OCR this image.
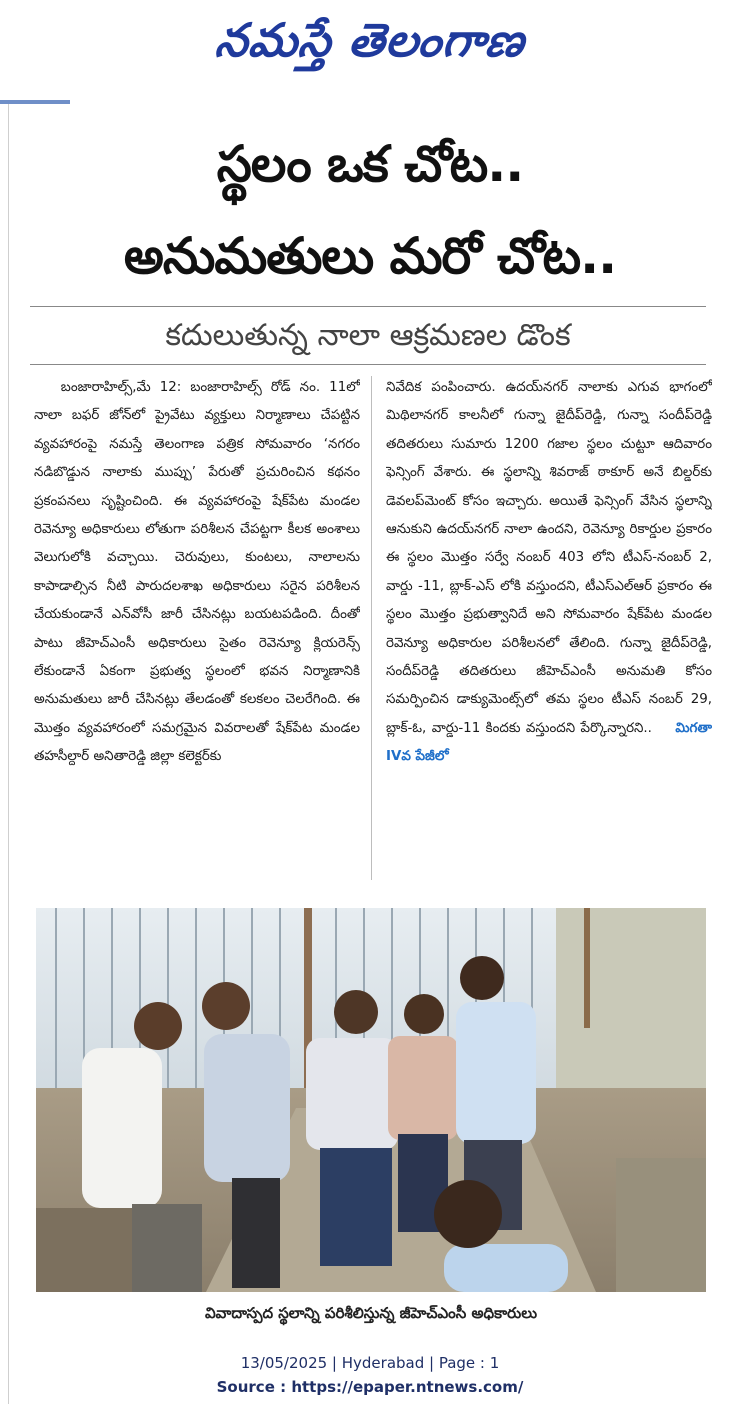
నమస్తే తెలంగాణ
స్థలం ఒక చోట..
అనుమతులు మరో చోట..
కదులుతున్న నాలా ఆక్రమణల డొంక
బంజారాహిల్స్,మే 12: బంజారాహిల్స్ రోడ్ నం. 11లో నాలా బఫర్ జోన్‌లో ప్రైవేటు వ్యక్తులు నిర్మాణాలు చేపట్టిన వ్యవహారంపై నమస్తే తెలంగాణ పత్రిక సోమవారం ‘నగరం నడిబొడ్డున నాలాకు ముప్పు’ పేరుతో ప్రచురించిన కథనం ప్రకంపనలు సృష్టించింది. ఈ వ్యవహారంపై షేక్‌పేట మండల రెవెన్యూ అధికారులు లోతుగా పరిశీలన చేపట్టగా కీలక అంశాలు వెలుగులోకి వచ్చాయి. చెరువులు, కుంటలు, నాలాలను కాపాడాల్సిన నీటి పారుదలశాఖ అధికారులు సరైన పరిశీలన చేయకుండానే ఎన్‌వోసీ జారీ చేసినట్లు బయటపడింది. దీంతో పాటు జీహెచ్‌ఎంసీ అధికారులు సైతం రెవెన్యూ క్లియరెన్స్ లేకుండానే ఏకంగా ప్రభుత్వ స్థలంలో భవన నిర్మాణానికి అనుమతులు జారీ చేసినట్లు తేలడంతో కలకలం చెలరేగింది. ఈ మొత్తం వ్యవహారంలో సమగ్రమైన వివరాలతో షేక్‌పేట మండల తహసీల్దార్ అనితారెడ్డి జిల్లా కలెక్టర్‌కు
నివేదిక పంపించారు. ఉదయ్‌నగర్ నాలాకు ఎగువ భాగంలో మిథిలానగర్ కాలనీలో గున్నా జైదీప్‌రెడ్డి, గున్నా సందీప్‌రెడ్డి తదితరులు సుమారు 1200 గజాల స్థలం చుట్టూ ఆదివారం ఫెన్సింగ్ వేశారు. ఈ స్థలాన్ని శివరాజ్ ఠాకూర్ అనే బిల్డర్‌కు డెవలప్‌మెంట్ కోసం ఇచ్చారు. అయితే ఫెన్సింగ్ వేసిన స్థలాన్ని ఆనుకుని ఉదయ్‌నగర్ నాలా ఉందని, రెవెన్యూ రికార్డుల ప్రకారం ఈ స్థలం మొత్తం సర్వే నంబర్ 403 లోని టీఎస్-నంబర్ 2, వార్డు -11, బ్లాక్-ఎస్ లోకి వస్తుందని, టీఎస్‌ఎల్‌ఆర్ ప్రకారం ఈ స్థలం మొత్తం ప్రభుత్వానిదే అని సోమవారం షేక్‌పేట మండల రెవెన్యూ అధికారుల పరిశీలనలో తేలింది. గున్నా జైదీప్‌రెడ్డి, సందీప్‌రెడ్డి తదితరులు జీహెచ్‌ఎంసీ అనుమతి కోసం సమర్పించిన డాక్యుమెంట్స్‌లో తమ స్థలం టీఎస్ నంబర్ 29, బ్లాక్-ఓ, వార్డు-11 కిందకు వస్తుందని పేర్కొన్నారని.. మిగతా IVవ పేజీలో
వివాదాస్పద స్థలాన్ని పరిశీలిస్తున్న జీహెచ్‌ఎంసీ అధికారులు
13/05/2025 | Hyderabad | Page : 1
Source : https://epaper.ntnews.com/
